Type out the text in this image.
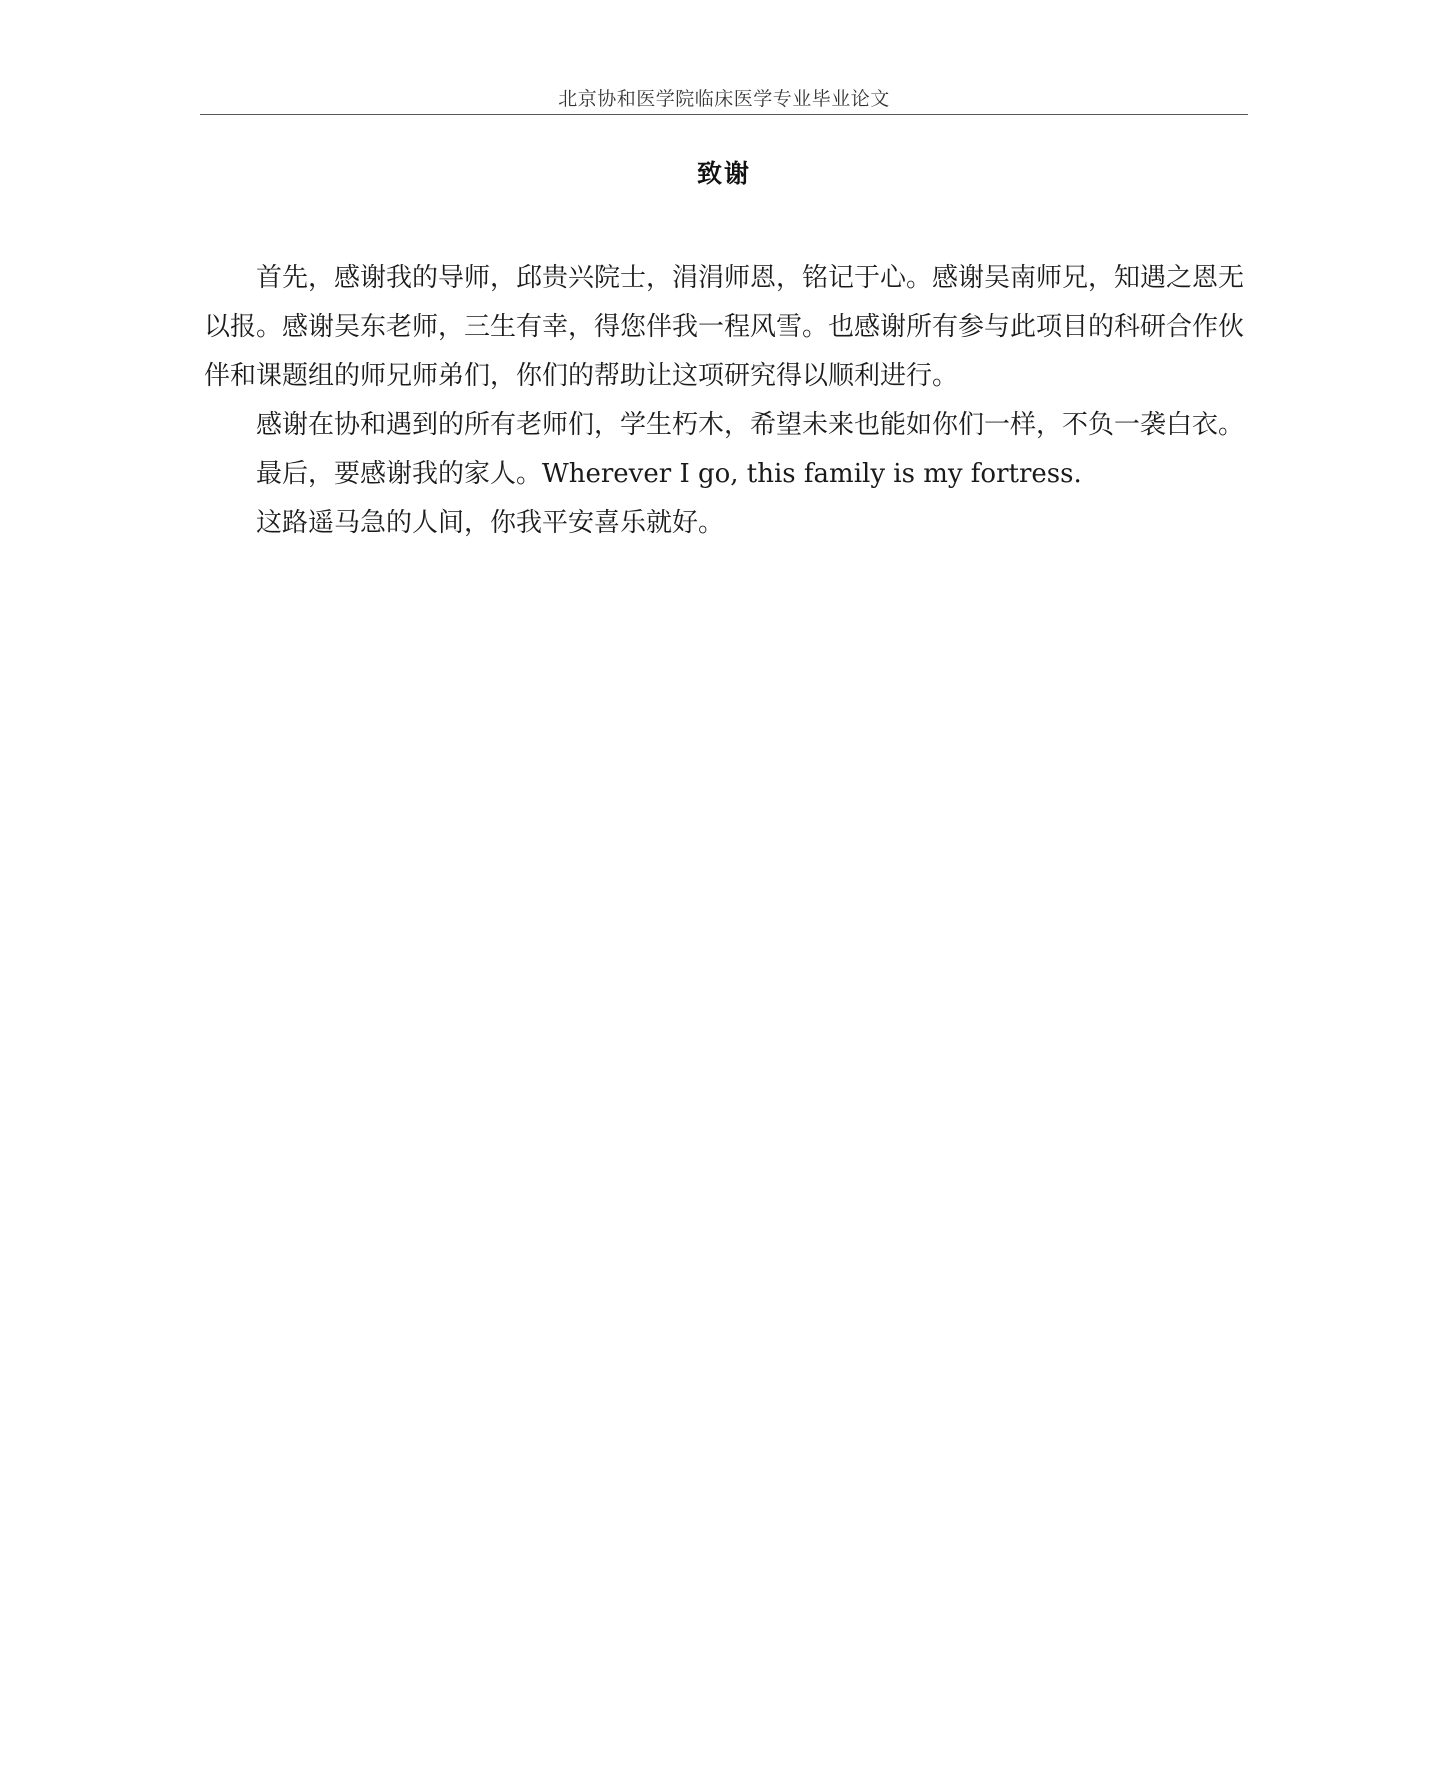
北京协和医学院临床医学专业毕业论文
致谢

首先，感谢我的导师，邱贵兴院士，涓涓师恩，铭记于心。感谢吴南师兄，知遇之恩无以报。感谢吴东老师，三生有幸，得您伴我一程风雪。也感谢所有参与此项目的科研合作伙伴和课题组的师兄师弟们，你们的帮助让这项研究得以顺利进行。

感谢在协和遇到的所有老师们，学生朽木，希望未来也能如你们一样，不负一袭白衣。

最后，要感谢我的家人。Wherever I go, this family is my fortress.

这路遥马急的人间，你我平安喜乐就好。
